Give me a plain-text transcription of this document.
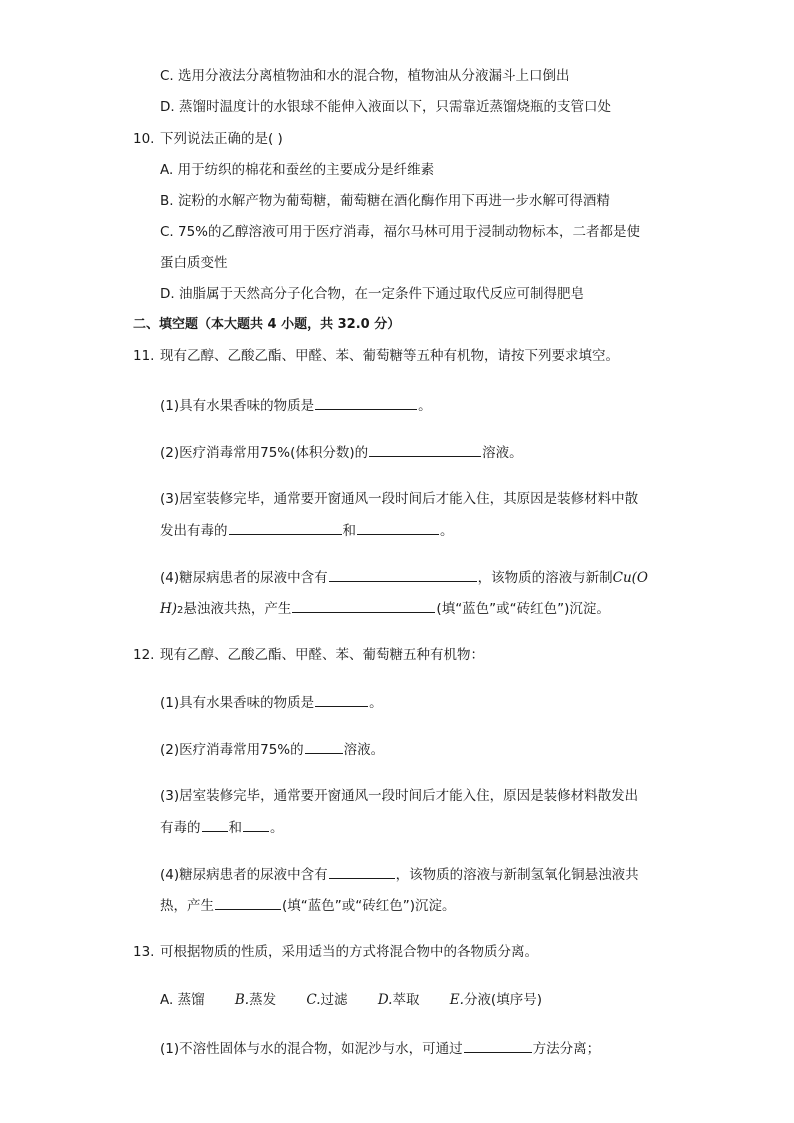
C. 选用分液法分离植物油和水的混合物，植物油从分液漏斗上口倒出
D. 蒸馏时温度计的水银球不能伸入液面以下，只需靠近蒸馏烧瓶的支管口处
10. 下列说法正确的是( )
A. 用于纺织的棉花和蚕丝的主要成分是纤维素
B. 淀粉的水解产物为葡萄糖，葡萄糖在酒化酶作用下再进一步水解可得酒精
C. 75%的乙醇溶液可用于医疗消毒，福尔马林可用于浸制动物标本，二者都是使
蛋白质变性
D. 油脂属于天然高分子化合物，在一定条件下通过取代反应可制得肥皂
二、填空题（本大题共 4 小题，共 32.0 分）
11. 现有乙醇、乙酸乙酯、甲醛、苯、葡萄糖等五种有机物，请按下列要求填空。
(1)具有水果香味的物质是	。
(2)医疗消毒常用75%(体积分数)的	溶液。
(3)居室装修完毕，通常要开窗通风一段时间后才能入住，其原因是装修材料中散
发出有毒的	和	。
(4)糖尿病患者的尿液中含有	，该物质的溶液与新制Cu(O
H)2悬浊液共热，产生	(填“蓝色”或“砖红色”)沉淀。
12. 现有乙醇、乙酸乙酯、甲醛、苯、葡萄糖五种有机物：
(1)具有水果香味的物质是	。
(2)医疗消毒常用75%的	溶液。
(3)居室装修完毕，通常要开窗通风一段时间后才能入住，原因是装修材料散发出
有毒的 和 。
(4)糖尿病患者的尿液中含有	，该物质的溶液与新制氢氧化铜悬浊液共
热，产生	(填“蓝色”或“砖红色”)沉淀。
13. 可根据物质的性质，采用适当的方式将混合物中的各物质分离。
A. 蒸馏 B.蒸发 C.过滤 D.萃取 E.分液(填序号)
(1)不溶性固体与水的混合物，如泥沙与水，可通过	方法分离；
